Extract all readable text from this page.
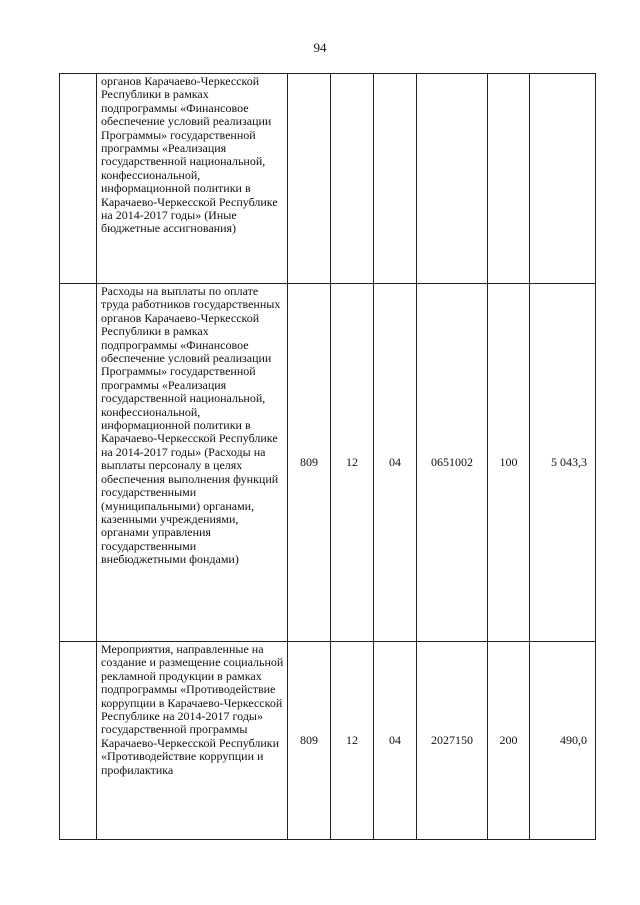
94
	органов Карачаево-Черкесской Республики в рамках подпрограммы «Финансовое обеспечение условий реализации Программы» государственной программы «Реализация государственной национальной, конфессиональной, информационной политики в Карачаево-Черкесской Республике на 2014-2017 годы» (Иные бюджетные ассигнования)						
	Расходы на выплаты по оплате труда работников государственных органов Карачаево-Черкесской Республики в рамках подпрограммы «Финансовое обеспечение условий реализации Программы» государственной программы «Реализация государственной национальной, конфессиональной, информационной политики в Карачаево-Черкесской Республике на 2014-2017 годы» (Расходы на выплаты персоналу в целях обеспечения выполнения функций государственными (муниципальными) органами, казенными учреждениями, органами управления государственными внебюджетными фондами)	809	12	04	0651002	100	5 043,3
	Мероприятия, направленные на создание и размещение социальной рекламной продукции в рамках подпрограммы «Противодействие коррупции в Карачаево-Черкесской Республике на 2014-2017 годы» государственной программы Карачаево-Черкесской Республики «Противодействие коррупции и профилактика	809	12	04	2027150	200	490,0
